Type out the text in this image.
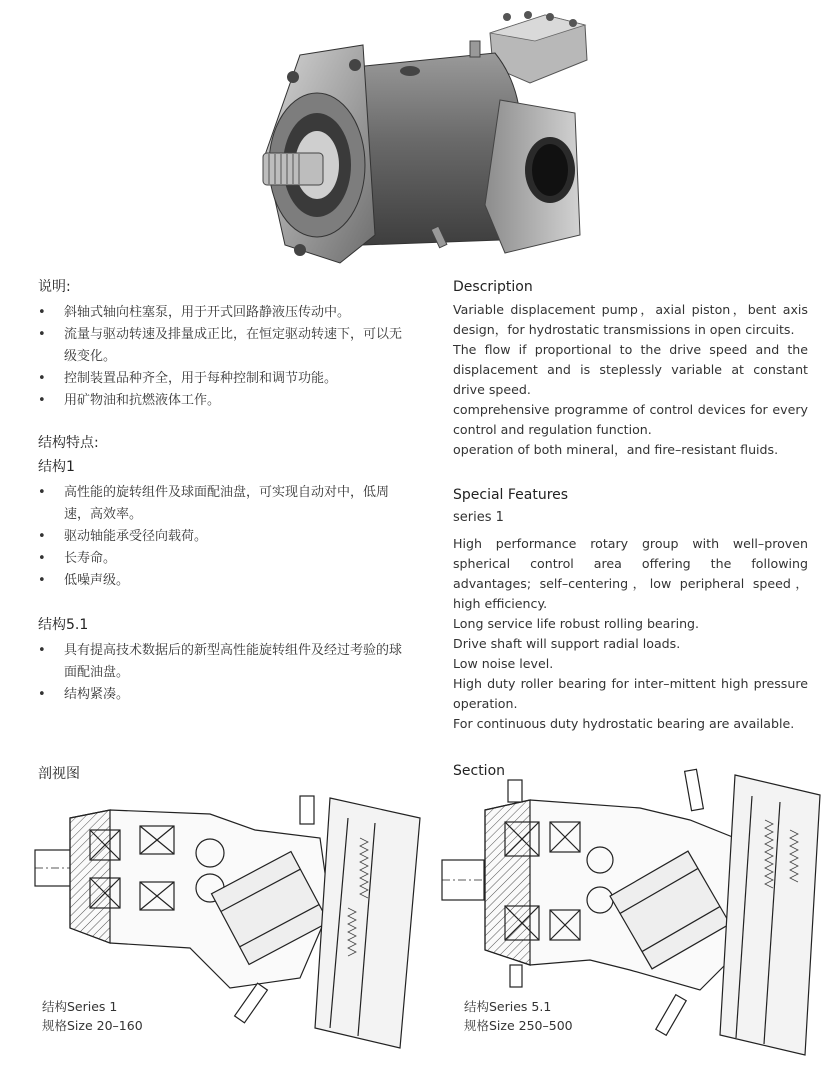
说明:
• 斜轴式轴向柱塞泵，用于开式回路静液压传动中。
• 流量与驱动转速及排量成正比，在恒定驱动转速下，可以无级变化。
• 控制装置品种齐全，用于每种控制和调节功能。
• 用矿物油和抗燃液体工作。
结构特点:
结构1
• 高性能的旋转组件及球面配油盘，可实现自动对中，低周速，高效率。
• 驱动轴能承受径向载荷。
• 长寿命。
• 低噪声级。
结构5.1
• 具有提高技术数据后的新型高性能旋转组件及经过考验的球面配油盘。
• 结构紧凑。
Description

Variable displacement pump，axial piston，bent axis design，for hydrostatic transmissions in open circuits.

The flow if proportional to the drive speed and the displacement and is steplessly variable at constant drive speed.

comprehensive programme of control devices for every control and regulation function.

operation of both mineral，and fire–resistant fluids.

Special Features
series 1

High performance rotary group with well–proven spherical control area offering the following advantages; self–centering，low peripheral speed，high efficiency.

Long service life robust rolling bearing.

Drive shaft will support radial loads.

Low noise level.

High duty roller bearing for inter–mittent high pressure operation.

For continuous duty hydrostatic bearing are available.

剖视图	Section
结构Series 1
规格Size 20–160
结构Series 5.1
规格Size 250–500
